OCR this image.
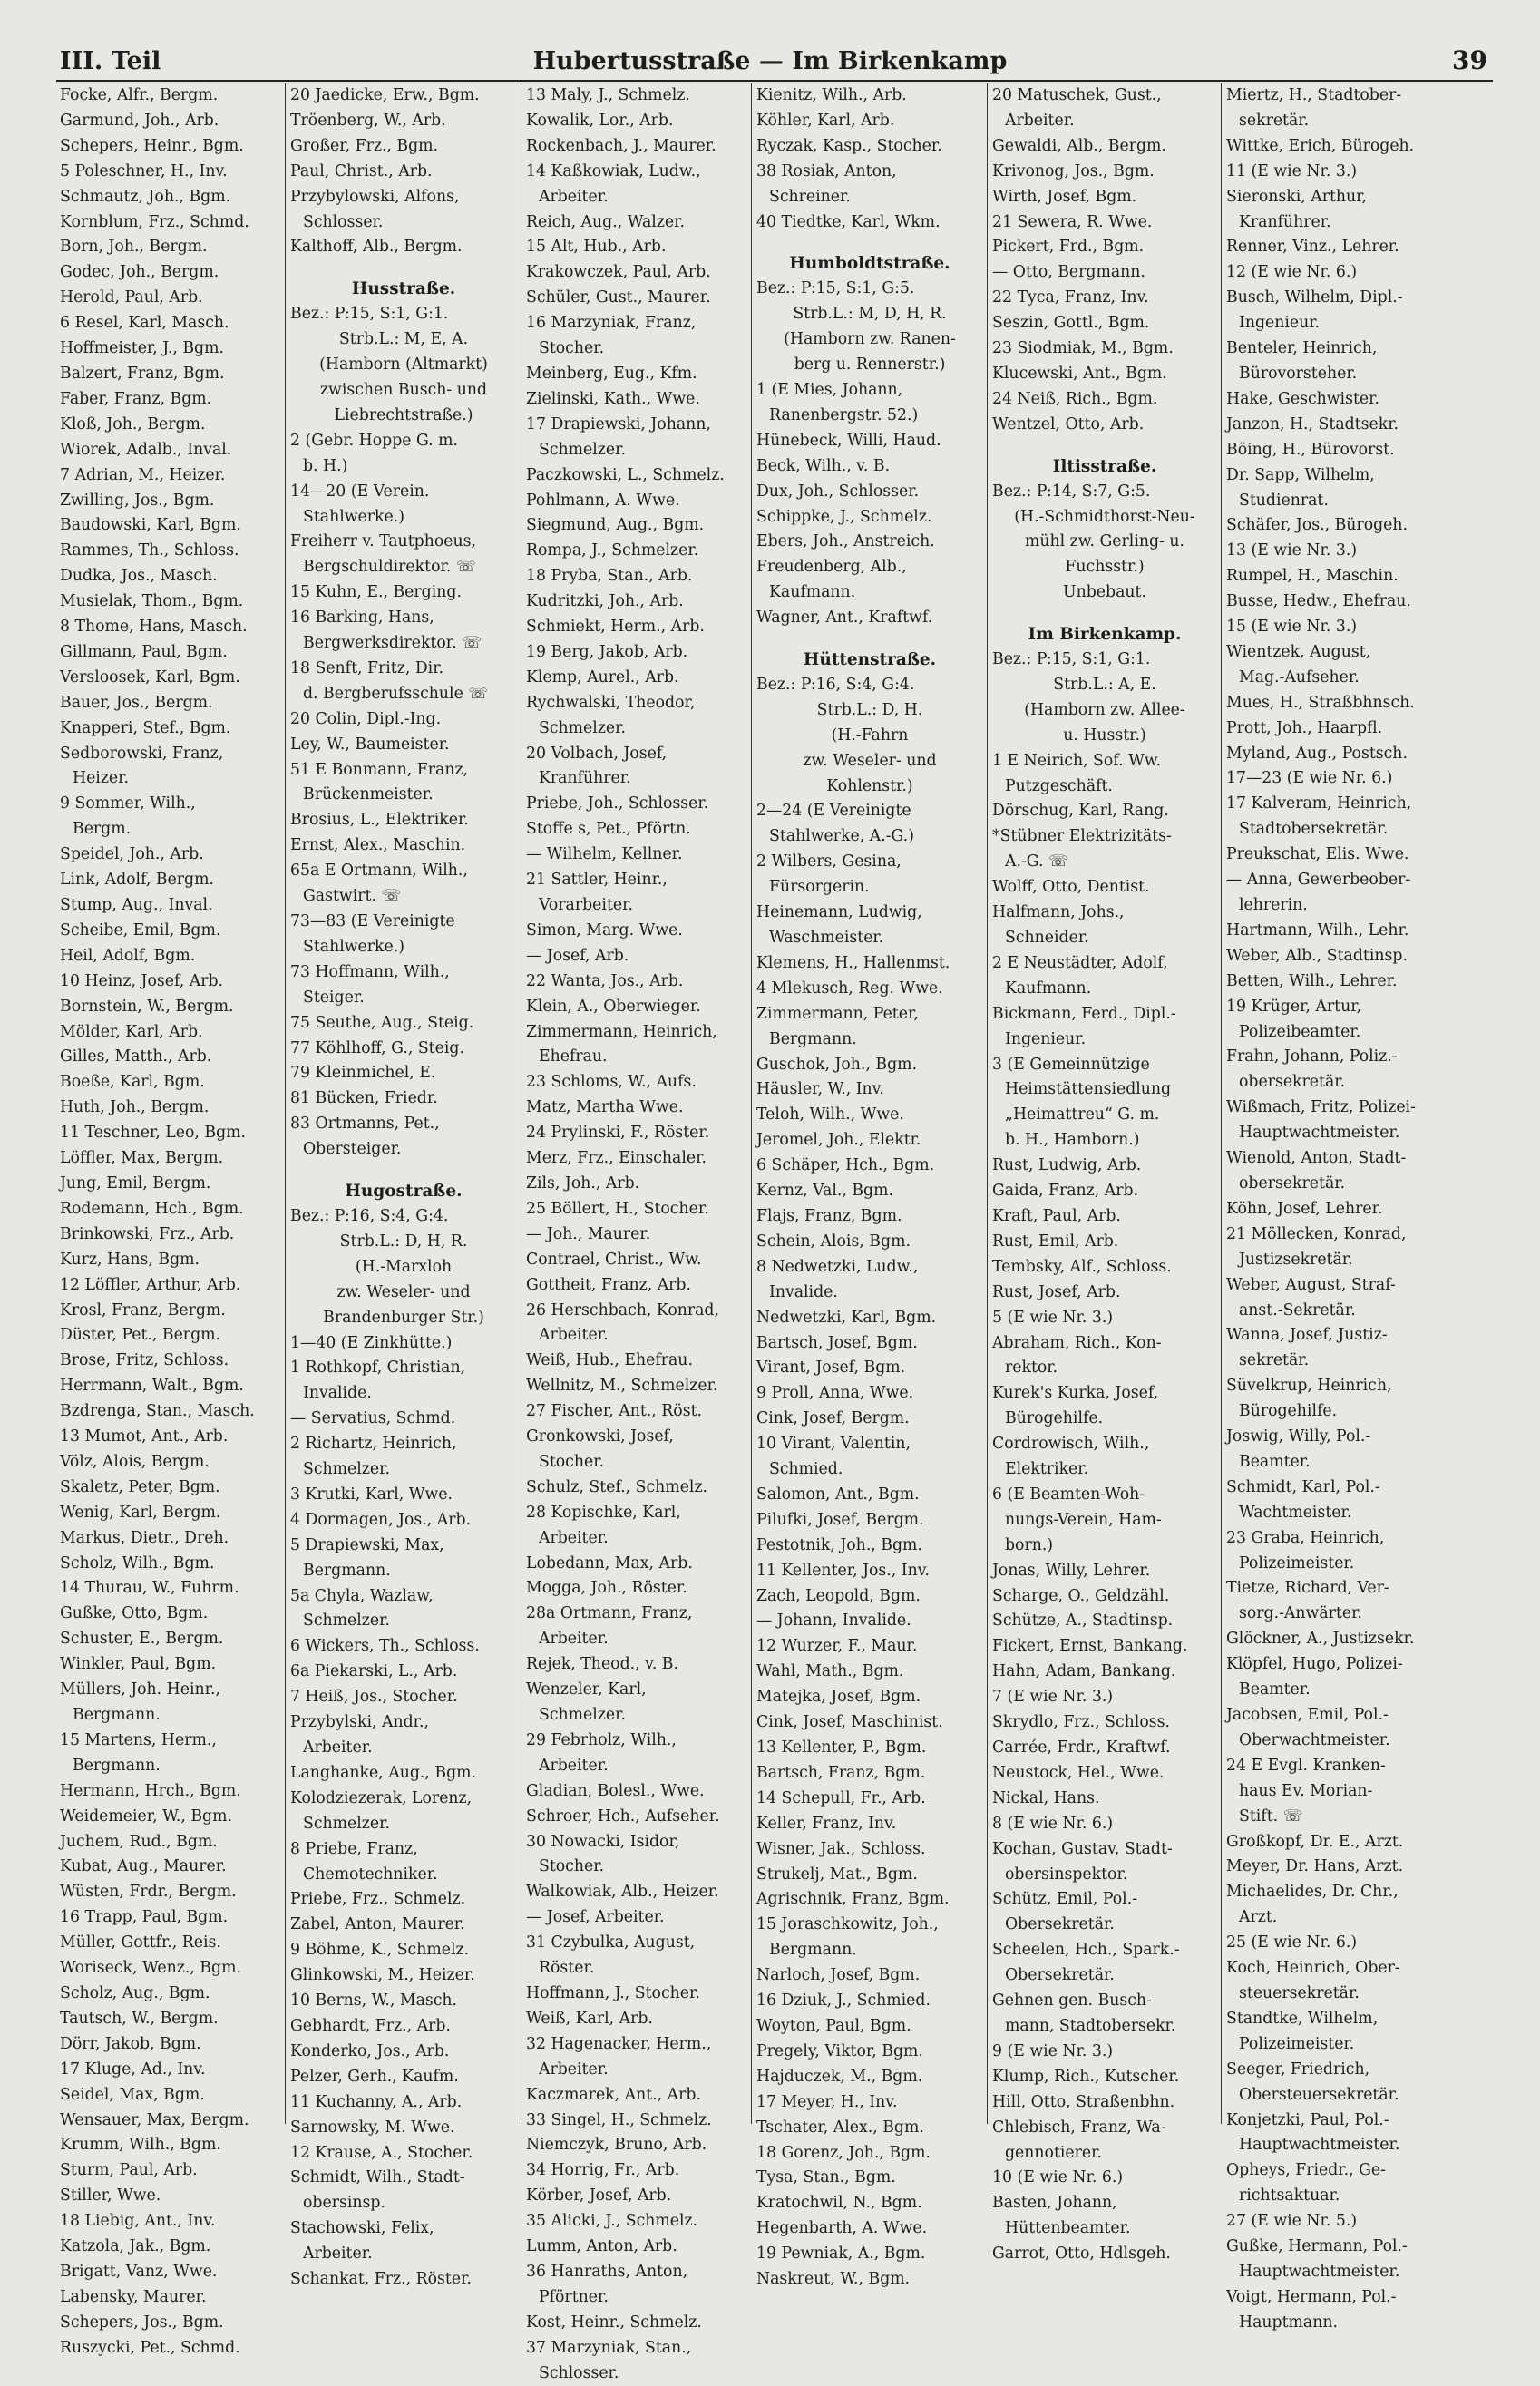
III. Teil	Hubertusstraße — Im Birkenkamp	39
Focke, Alfr., Bergm.
Garmund, Joh., Arb.
Schepers, Heinr., Bgm.
5 Poleschner, H., Inv.
Schmautz, Joh., Bgm.
Kornblum, Frz., Schmd.
Born, Joh., Bergm.
Godec, Joh., Bergm.
Herold, Paul, Arb.
6 Resel, Karl, Masch.
Hoffmeister, J., Bgm.
Balzert, Franz, Bgm.
Faber, Franz, Bgm.
Kloß, Joh., Bergm.
Wiorek, Adalb., Inval.
7 Adrian, M., Heizer.
Zwilling, Jos., Bgm.
Baudowski, Karl, Bgm.
Rammes, Th., Schloss.
Dudka, Jos., Masch.
Musielak, Thom., Bgm.
8 Thome, Hans, Masch.
Gillmann, Paul, Bgm.
Versloosek, Karl, Bgm.
Bauer, Jos., Bergm.
Knapperi, Stef., Bgm.
Sedborowski, Franz,
Heizer.
9 Sommer, Wilh.,
Bergm.
Speidel, Joh., Arb.
Link, Adolf, Bergm.
Stump, Aug., Inval.
Scheibe, Emil, Bgm.
Heil, Adolf, Bgm.
10 Heinz, Josef, Arb.
Bornstein, W., Bergm.
Mölder, Karl, Arb.
Gilles, Matth., Arb.
Boeße, Karl, Bgm.
Huth, Joh., Bergm.
11 Teschner, Leo, Bgm.
Löffler, Max, Bergm.
Jung, Emil, Bergm.
Rodemann, Hch., Bgm.
Brinkowski, Frz., Arb.
Kurz, Hans, Bgm.
12 Löffler, Arthur, Arb.
Krosl, Franz, Bergm.
Düster, Pet., Bergm.
Brose, Fritz, Schloss.
Herrmann, Walt., Bgm.
Bzdrenga, Stan., Masch.
13 Mumot, Ant., Arb.
Völz, Alois, Bergm.
Skaletz, Peter, Bgm.
Wenig, Karl, Bergm.
Markus, Dietr., Dreh.
Scholz, Wilh., Bgm.
14 Thurau, W., Fuhrm.
Gußke, Otto, Bgm.
Schuster, E., Bergm.
Winkler, Paul, Bgm.
Müllers, Joh. Heinr.,
Bergmann.
15 Martens, Herm.,
Bergmann.
Hermann, Hrch., Bgm.
Weidemeier, W., Bgm.
Juchem, Rud., Bgm.
Kubat, Aug., Maurer.
Wüsten, Frdr., Bergm.
16 Trapp, Paul, Bgm.
Müller, Gottfr., Reis.
Woriseck, Wenz., Bgm.
Scholz, Aug., Bgm.
Tautsch, W., Bergm.
Dörr, Jakob, Bgm.
17 Kluge, Ad., Inv.
Seidel, Max, Bgm.
Wensauer, Max, Bergm.
Krumm, Wilh., Bgm.
Sturm, Paul, Arb.
Stiller, Wwe.
18 Liebig, Ant., Inv.
Katzola, Jak., Bgm.
Brigatt, Vanz, Wwe.
Labensky, Maurer.
Schepers, Jos., Bgm.
Ruszycki, Pet., Schmd.
20 Jaedicke, Erw., Bgm.
Tröenberg, W., Arb.
Großer, Frz., Bgm.
Paul, Christ., Arb.
Przybylowski, Alfons,
Schlosser.
Kalthoff, Alb., Bergm.
Husstraße.
Bez.: P:15, S:1, G:1.
Strb.L.: M, E, A.
(Hamborn (Altmarkt)
zwischen Busch- und
Liebrechtstraße.)
2 (Gebr. Hoppe G. m.
b. H.)
14—20 (E Verein.
Stahlwerke.)
Freiherr v. Tautphoeus,
Bergschuldirektor. ☏
15 Kuhn, E., Berging.
16 Barking, Hans,
Bergwerksdirektor. ☏
18 Senft, Fritz, Dir.
d. Bergberufsschule ☏
20 Colin, Dipl.-Ing.
Ley, W., Baumeister.
51 E Bonmann, Franz,
Brückenmeister.
Brosius, L., Elektriker.
Ernst, Alex., Maschin.
65a E Ortmann, Wilh.,
Gastwirt. ☏
73—83 (E Vereinigte
Stahlwerke.)
73 Hoffmann, Wilh.,
Steiger.
75 Seuthe, Aug., Steig.
77 Köhlhoff, G., Steig.
79 Kleinmichel, E.
81 Bücken, Friedr.
83 Ortmanns, Pet.,
Obersteiger.
Hugostraße.
Bez.: P:16, S:4, G:4.
Strb.L.: D, H, R.
(H.-Marxloh
zw. Weseler- und
Brandenburger Str.)
1—40 (E Zinkhütte.)
1 Rothkopf, Christian,
Invalide.
— Servatius, Schmd.
2 Richartz, Heinrich,
Schmelzer.
3 Krutki, Karl, Wwe.
4 Dormagen, Jos., Arb.
5 Drapiewski, Max,
Bergmann.
5a Chyla, Wazlaw,
Schmelzer.
6 Wickers, Th., Schloss.
6a Piekarski, L., Arb.
7 Heiß, Jos., Stocher.
Przybylski, Andr.,
Arbeiter.
Langhanke, Aug., Bgm.
Kolodziezerak, Lorenz,
Schmelzer.
8 Priebe, Franz,
Chemotechniker.
Priebe, Frz., Schmelz.
Zabel, Anton, Maurer.
9 Böhme, K., Schmelz.
Glinkowski, M., Heizer.
10 Berns, W., Masch.
Gebhardt, Frz., Arb.
Konderko, Jos., Arb.
Pelzer, Gerh., Kaufm.
11 Kuchanny, A., Arb.
Sarnowsky, M. Wwe.
12 Krause, A., Stocher.
Schmidt, Wilh., Stadt-
obersinsp.
Stachowski, Felix,
Arbeiter.
Schankat, Frz., Röster.
13 Maly, J., Schmelz.
Kowalik, Lor., Arb.
Rockenbach, J., Maurer.
14 Kaßkowiak, Ludw.,
Arbeiter.
Reich, Aug., Walzer.
15 Alt, Hub., Arb.
Krakowczek, Paul, Arb.
Schüler, Gust., Maurer.
16 Marzyniak, Franz,
Stocher.
Meinberg, Eug., Kfm.
Zielinski, Kath., Wwe.
17 Drapiewski, Johann,
Schmelzer.
Paczkowski, L., Schmelz.
Pohlmann, A. Wwe.
Siegmund, Aug., Bgm.
Rompa, J., Schmelzer.
18 Pryba, Stan., Arb.
Kudritzki, Joh., Arb.
Schmiekt, Herm., Arb.
19 Berg, Jakob, Arb.
Klemp, Aurel., Arb.
Rychwalski, Theodor,
Schmelzer.
20 Volbach, Josef,
Kranführer.
Priebe, Joh., Schlosser.
Stoffe s, Pet., Pförtn.
— Wilhelm, Kellner.
21 Sattler, Heinr.,
Vorarbeiter.
Simon, Marg. Wwe.
— Josef, Arb.
22 Wanta, Jos., Arb.
Klein, A., Oberwieger.
Zimmermann, Heinrich,
Ehefrau.
23 Schloms, W., Aufs.
Matz, Martha Wwe.
24 Prylinski, F., Röster.
Merz, Frz., Einschaler.
Zils, Joh., Arb.
25 Böllert, H., Stocher.
— Joh., Maurer.
Contrael, Christ., Ww.
Gottheit, Franz, Arb.
26 Herschbach, Konrad,
Arbeiter.
Weiß, Hub., Ehefrau.
Wellnitz, M., Schmelzer.
27 Fischer, Ant., Röst.
Gronkowski, Josef,
Stocher.
Schulz, Stef., Schmelz.
28 Kopischke, Karl,
Arbeiter.
Lobedann, Max, Arb.
Mogga, Joh., Röster.
28a Ortmann, Franz,
Arbeiter.
Rejek, Theod., v. B.
Wenzeler, Karl,
Schmelzer.
29 Febrholz, Wilh.,
Arbeiter.
Gladian, Bolesl., Wwe.
Schroer, Hch., Aufseher.
30 Nowacki, Isidor,
Stocher.
Walkowiak, Alb., Heizer.
— Josef, Arbeiter.
31 Czybulka, August,
Röster.
Hoffmann, J., Stocher.
Weiß, Karl, Arb.
32 Hagenacker, Herm.,
Arbeiter.
Kaczmarek, Ant., Arb.
33 Singel, H., Schmelz.
Niemczyk, Bruno, Arb.
34 Horrig, Fr., Arb.
Körber, Josef, Arb.
35 Alicki, J., Schmelz.
Lumm, Anton, Arb.
36 Hanraths, Anton,
Pförtner.
Kost, Heinr., Schmelz.
37 Marzyniak, Stan.,
Schlosser.
Kienitz, Wilh., Arb.
Köhler, Karl, Arb.
Ryczak, Kasp., Stocher.
38 Rosiak, Anton,
Schreiner.
40 Tiedtke, Karl, Wkm.
Humboldtstraße.
Bez.: P:15, S:1, G:5.
Strb.L.: M, D, H, R.
(Hamborn zw. Ranen-
berg u. Rennerstr.)
1 (E Mies, Johann,
Ranenbergstr. 52.)
Hünebeck, Willi, Haud.
Beck, Wilh., v. B.
Dux, Joh., Schlosser.
Schippke, J., Schmelz.
Ebers, Joh., Anstreich.
Freudenberg, Alb.,
Kaufmann.
Wagner, Ant., Kraftwf.
Hüttenstraße.
Bez.: P:16, S:4, G:4.
Strb.L.: D, H.
(H.-Fahrn
zw. Weseler- und
Kohlenstr.)
2—24 (E Vereinigte
Stahlwerke, A.-G.)
2 Wilbers, Gesina,
Fürsorgerin.
Heinemann, Ludwig,
Waschmeister.
Klemens, H., Hallenmst.
4 Mlekusch, Reg. Wwe.
Zimmermann, Peter,
Bergmann.
Guschok, Joh., Bgm.
Häusler, W., Inv.
Teloh, Wilh., Wwe.
Jeromel, Joh., Elektr.
6 Schäper, Hch., Bgm.
Kernz, Val., Bgm.
Flajs, Franz, Bgm.
Schein, Alois, Bgm.
8 Nedwetzki, Ludw.,
Invalide.
Nedwetzki, Karl, Bgm.
Bartsch, Josef, Bgm.
Virant, Josef, Bgm.
9 Proll, Anna, Wwe.
Cink, Josef, Bergm.
10 Virant, Valentin,
Schmied.
Salomon, Ant., Bgm.
Pilufki, Josef, Bergm.
Pestotnik, Joh., Bgm.
11 Kellenter, Jos., Inv.
Zach, Leopold, Bgm.
— Johann, Invalide.
12 Wurzer, F., Maur.
Wahl, Math., Bgm.
Matejka, Josef, Bgm.
Cink, Josef, Maschinist.
13 Kellenter, P., Bgm.
Bartsch, Franz, Bgm.
14 Schepull, Fr., Arb.
Keller, Franz, Inv.
Wisner, Jak., Schloss.
Strukelj, Mat., Bgm.
Agrischnik, Franz, Bgm.
15 Joraschkowitz, Joh.,
Bergmann.
Narloch, Josef, Bgm.
16 Dziuk, J., Schmied.
Woyton, Paul, Bgm.
Pregely, Viktor, Bgm.
Hajduczek, M., Bgm.
17 Meyer, H., Inv.
Tschater, Alex., Bgm.
18 Gorenz, Joh., Bgm.
Tysa, Stan., Bgm.
Kratochwil, N., Bgm.
Hegenbarth, A. Wwe.
19 Pewniak, A., Bgm.
Naskreut, W., Bgm.
20 Matuschek, Gust.,
Arbeiter.
Gewaldi, Alb., Bergm.
Krivonog, Jos., Bgm.
Wirth, Josef, Bgm.
21 Sewera, R. Wwe.
Pickert, Frd., Bgm.
— Otto, Bergmann.
22 Tyca, Franz, Inv.
Seszin, Gottl., Bgm.
23 Siodmiak, M., Bgm.
Klucewski, Ant., Bgm.
24 Neiß, Rich., Bgm.
Wentzel, Otto, Arb.
Iltisstraße.
Bez.: P:14, S:7, G:5.
(H.-Schmidthorst-Neu-
mühl zw. Gerling- u.
Fuchsstr.)
Unbebaut.
Im Birkenkamp.
Bez.: P:15, S:1, G:1.
Strb.L.: A, E.
(Hamborn zw. Allee-
u. Husstr.)
1 E Neirich, Sof. Ww.
Putzgeschäft.
Dörschug, Karl, Rang.
*Stübner Elektrizitäts-
A.-G. ☏
Wolff, Otto, Dentist.
Halfmann, Johs.,
Schneider.
2 E Neustädter, Adolf,
Kaufmann.
Bickmann, Ferd., Dipl.-
Ingenieur.
3 (E Gemeinnützige
Heimstättensiedlung
„Heimattreu“ G. m.
b. H., Hamborn.)
Rust, Ludwig, Arb.
Gaida, Franz, Arb.
Kraft, Paul, Arb.
Rust, Emil, Arb.
Tembsky, Alf., Schloss.
Rust, Josef, Arb.
5 (E wie Nr. 3.)
Abraham, Rich., Kon-
rektor.
Kurek's Kurka, Josef,
Bürogehilfe.
Cordrowisch, Wilh.,
Elektriker.
6 (E Beamten-Woh-
nungs-Verein, Ham-
born.)
Jonas, Willy, Lehrer.
Scharge, O., Geldzähl.
Schütze, A., Stadtinsp.
Fickert, Ernst, Bankang.
Hahn, Adam, Bankang.
7 (E wie Nr. 3.)
Skrydlo, Frz., Schloss.
Carrée, Frdr., Kraftwf.
Neustock, Hel., Wwe.
Nickal, Hans.
8 (E wie Nr. 6.)
Kochan, Gustav, Stadt-
obersinspektor.
Schütz, Emil, Pol.-
Obersekretär.
Scheelen, Hch., Spark.-
Obersekretär.
Gehnen gen. Busch-
mann, Stadtobersekr.
9 (E wie Nr. 3.)
Klump, Rich., Kutscher.
Hill, Otto, Straßenbhn.
Chlebisch, Franz, Wa-
gennotierer.
10 (E wie Nr. 6.)
Basten, Johann,
Hüttenbeamter.
Garrot, Otto, Hdlsgeh.
Miertz, H., Stadtober-
sekretär.
Wittke, Erich, Bürogeh.
11 (E wie Nr. 3.)
Sieronski, Arthur,
Kranführer.
Renner, Vinz., Lehrer.
12 (E wie Nr. 6.)
Busch, Wilhelm, Dipl.-
Ingenieur.
Benteler, Heinrich,
Bürovorsteher.
Hake, Geschwister.
Janzon, H., Stadtsekr.
Böing, H., Bürovorst.
Dr. Sapp, Wilhelm,
Studienrat.
Schäfer, Jos., Bürogeh.
13 (E wie Nr. 3.)
Rumpel, H., Maschin.
Busse, Hedw., Ehefrau.
15 (E wie Nr. 3.)
Wientzek, August,
Mag.-Aufseher.
Mues, H., Straßbhnsch.
Prott, Joh., Haarpfl.
Myland, Aug., Postsch.
17—23 (E wie Nr. 6.)
17 Kalveram, Heinrich,
Stadtobersekretär.
Preukschat, Elis. Wwe.
— Anna, Gewerbeober-
lehrerin.
Hartmann, Wilh., Lehr.
Weber, Alb., Stadtinsp.
Betten, Wilh., Lehrer.
19 Krüger, Artur,
Polizeibeamter.
Frahn, Johann, Poliz.-
obersekretär.
Wißmach, Fritz, Polizei-
Hauptwachtmeister.
Wienold, Anton, Stadt-
obersekretär.
Köhn, Josef, Lehrer.
21 Möllecken, Konrad,
Justizsekretär.
Weber, August, Straf-
anst.-Sekretär.
Wanna, Josef, Justiz-
sekretär.
Süvelkrup, Heinrich,
Bürogehilfe.
Joswig, Willy, Pol.-
Beamter.
Schmidt, Karl, Pol.-
Wachtmeister.
23 Graba, Heinrich,
Polizeimeister.
Tietze, Richard, Ver-
sorg.-Anwärter.
Glöckner, A., Justizsekr.
Klöpfel, Hugo, Polizei-
Beamter.
Jacobsen, Emil, Pol.-
Oberwachtmeister.
24 E Evgl. Kranken-
haus Ev. Morian-
Stift. ☏
Großkopf, Dr. E., Arzt.
Meyer, Dr. Hans, Arzt.
Michaelides, Dr. Chr.,
Arzt.
25 (E wie Nr. 6.)
Koch, Heinrich, Ober-
steuersekretär.
Standtke, Wilhelm,
Polizeimeister.
Seeger, Friedrich,
Obersteuersekretär.
Konjetzki, Paul, Pol.-
Hauptwachtmeister.
Opheys, Friedr., Ge-
richtsaktuar.
27 (E wie Nr. 5.)
Gußke, Hermann, Pol.-
Hauptwachtmeister.
Voigt, Hermann, Pol.-
Hauptmann.
